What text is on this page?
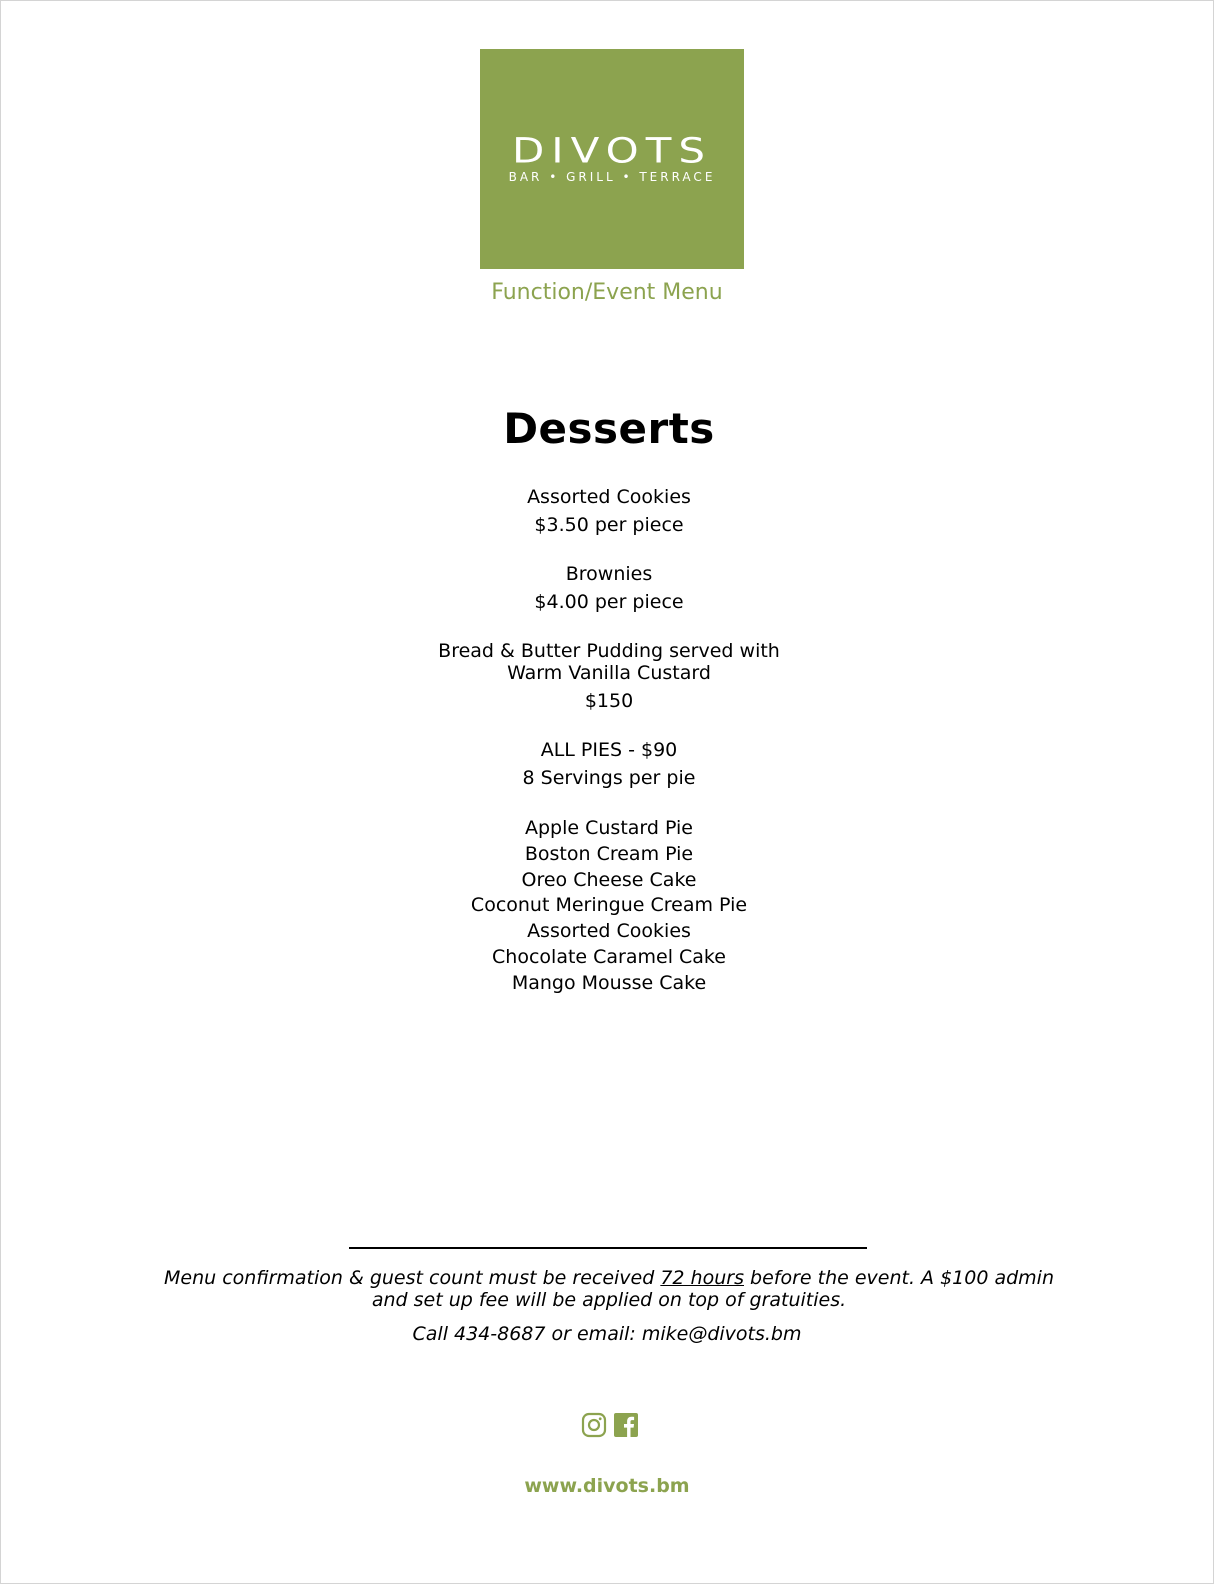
DIVOTS
BAR • GRILL • TERRACE
Function/Event Menu
Desserts
Assorted Cookies
$3.50 per piece
Brownies
$4.00 per piece
Bread & Butter Pudding served with
Warm Vanilla Custard
$150
ALL PIES - $90
8 Servings per pie
Apple Custard Pie
Boston Cream Pie
Oreo Cheese Cake
Coconut Meringue Cream Pie
Assorted Cookies
Chocolate Caramel Cake
Mango Mousse Cake
Menu confirmation & guest count must be received 72 hours before the event. A $100 admin and set up fee will be applied on top of gratuities.
Call 434-8687 or email: mike@divots.bm
www.divots.bm
